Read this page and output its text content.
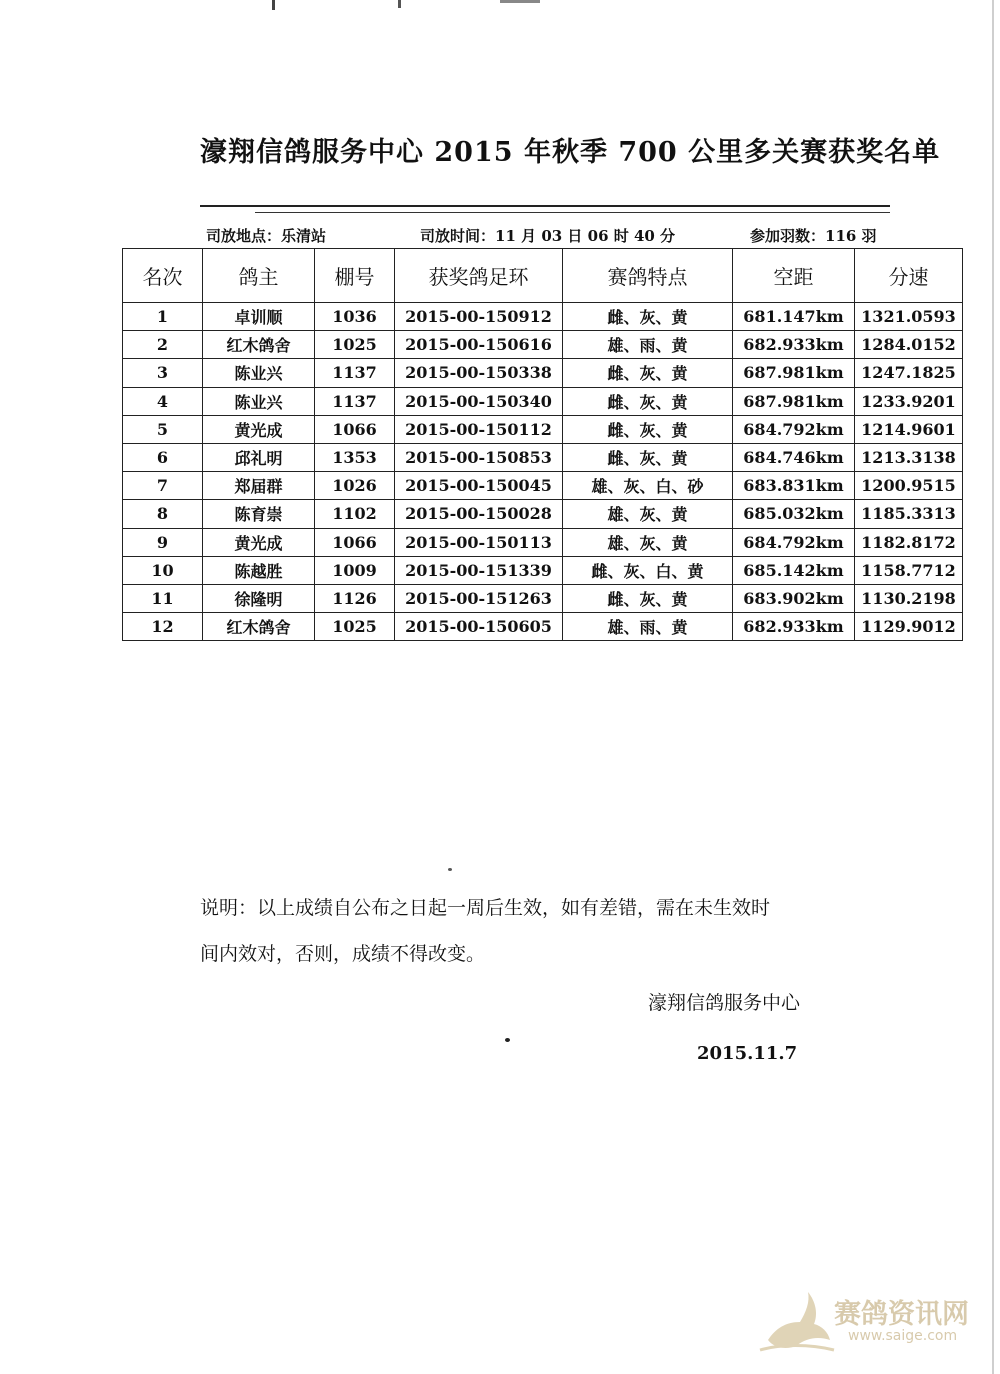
濠翔信鸽服务中心 2015 年秋季 700 公里多关赛获奖名单
司放地点：乐清站	司放时间：11 月 03 日 06 时 40 分	参加羽数：116 羽
名次	鸽主	棚号	获奖鸽足环	赛鸽特点	空距	分速
1	卓训顺	1036	2015-00-150912	雌、灰、黄	681.147km	1321.0593
2	红木鸽舍	1025	2015-00-150616	雄、雨、黄	682.933km	1284.0152
3	陈业兴	1137	2015-00-150338	雌、灰、黄	687.981km	1247.1825
4	陈业兴	1137	2015-00-150340	雌、灰、黄	687.981km	1233.9201
5	黄光成	1066	2015-00-150112	雌、灰、黄	684.792km	1214.9601
6	邱礼明	1353	2015-00-150853	雌、灰、黄	684.746km	1213.3138
7	郑届群	1026	2015-00-150045	雄、灰、白、砂	683.831km	1200.9515
8	陈育崇	1102	2015-00-150028	雄、灰、黄	685.032km	1185.3313
9	黄光成	1066	2015-00-150113	雄、灰、黄	684.792km	1182.8172
10	陈越胜	1009	2015-00-151339	雌、灰、白、黄	685.142km	1158.7712
11	徐隆明	1126	2015-00-151263	雌、灰、黄	683.902km	1130.2198
12	红木鸽舍	1025	2015-00-150605	雄、雨、黄	682.933km	1129.9012
说明：以上成绩自公布之日起一周后生效，如有差错，需在未生效时
间内效对，否则，成绩不得改变。
濠翔信鸽服务中心
2015.11.7
赛鸽资讯网
www.saige.com
